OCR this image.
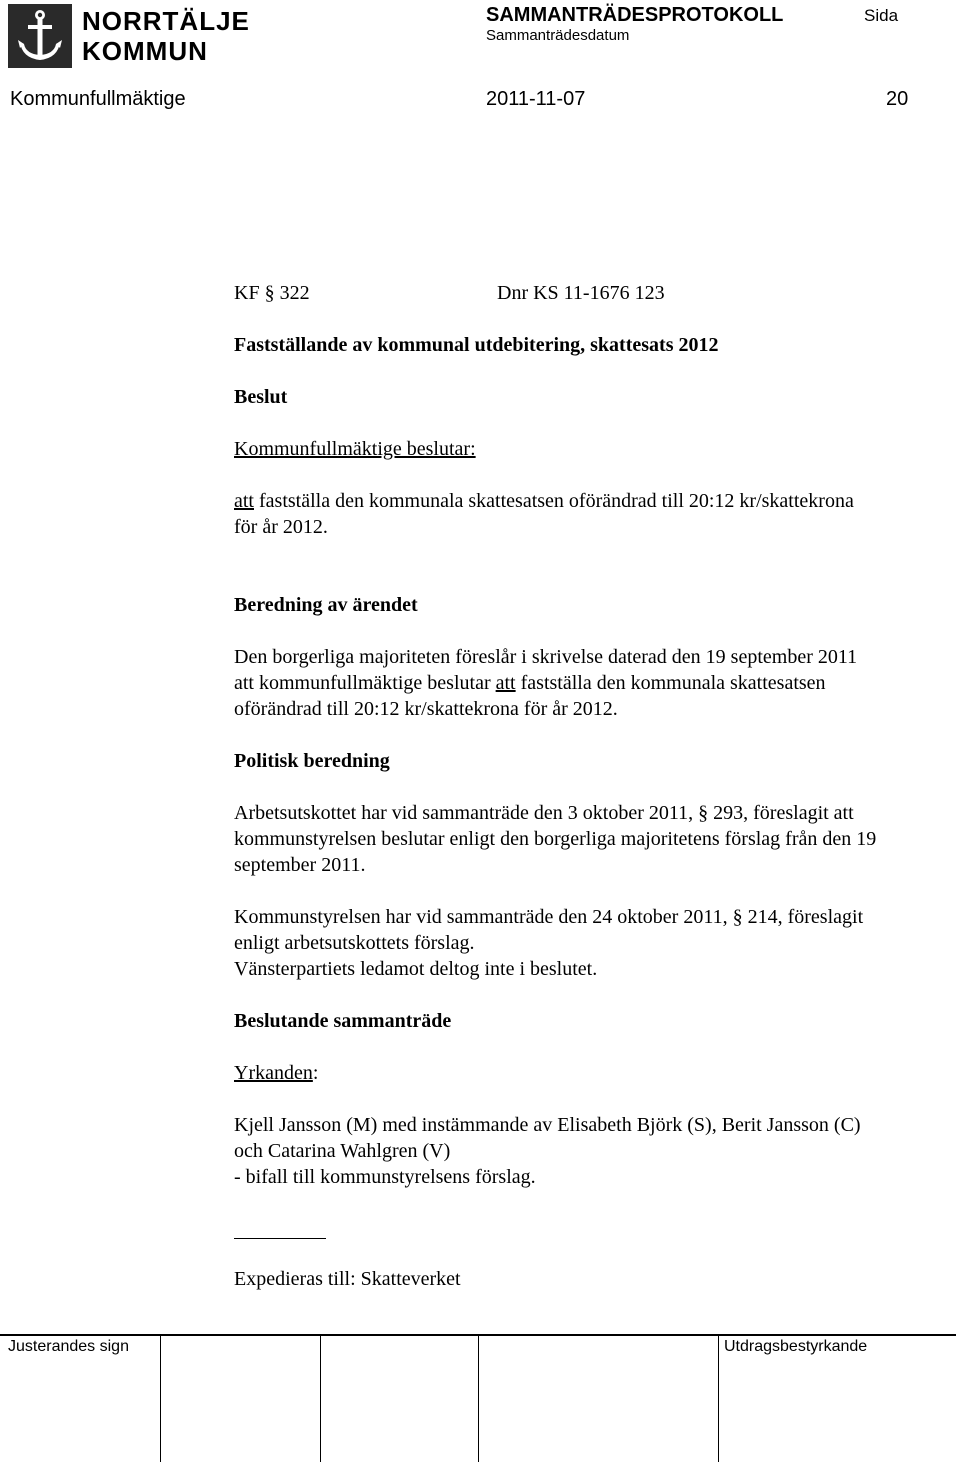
NORRTÄLJE
KOMMUN
SAMMANTRÄDESPROTOKOLL
Sammanträdesdatum
Sida
Kommunfullmäktige	2011-11-07	20
KF § 322	Dnr KS 11-1676 123
Fastställande av kommunal utdebitering, skattesats 2012
Beslut
Kommunfullmäktige beslutar:
att fastställa den kommunala skattesatsen oförändrad till 20:12 kr/skattekrona
för år 2012.
Beredning av ärendet
Den borgerliga majoriteten föreslår i skrivelse daterad den 19 september 2011
att kommunfullmäktige beslutar att fastställa den kommunala skattesatsen
oförändrad till 20:12 kr/skattekrona för år 2012.
Politisk beredning
Arbetsutskottet har vid sammanträde den 3 oktober 2011, § 293, föreslagit att
kommunstyrelsen beslutar enligt den borgerliga majoritetens förslag från den 19
september 2011.
Kommunstyrelsen har vid sammanträde den 24 oktober 2011, § 214, föreslagit
enligt arbetsutskottets förslag.
Vänsterpartiets ledamot deltog inte i beslutet.
Beslutande sammanträde
Yrkanden:
Kjell Jansson (M) med instämmande av Elisabeth Björk (S), Berit Jansson (C)
och Catarina Wahlgren (V)
- bifall till kommunstyrelsens förslag.
Expedieras till: Skatteverket
Justerandes sign	Utdragsbestyrkande
